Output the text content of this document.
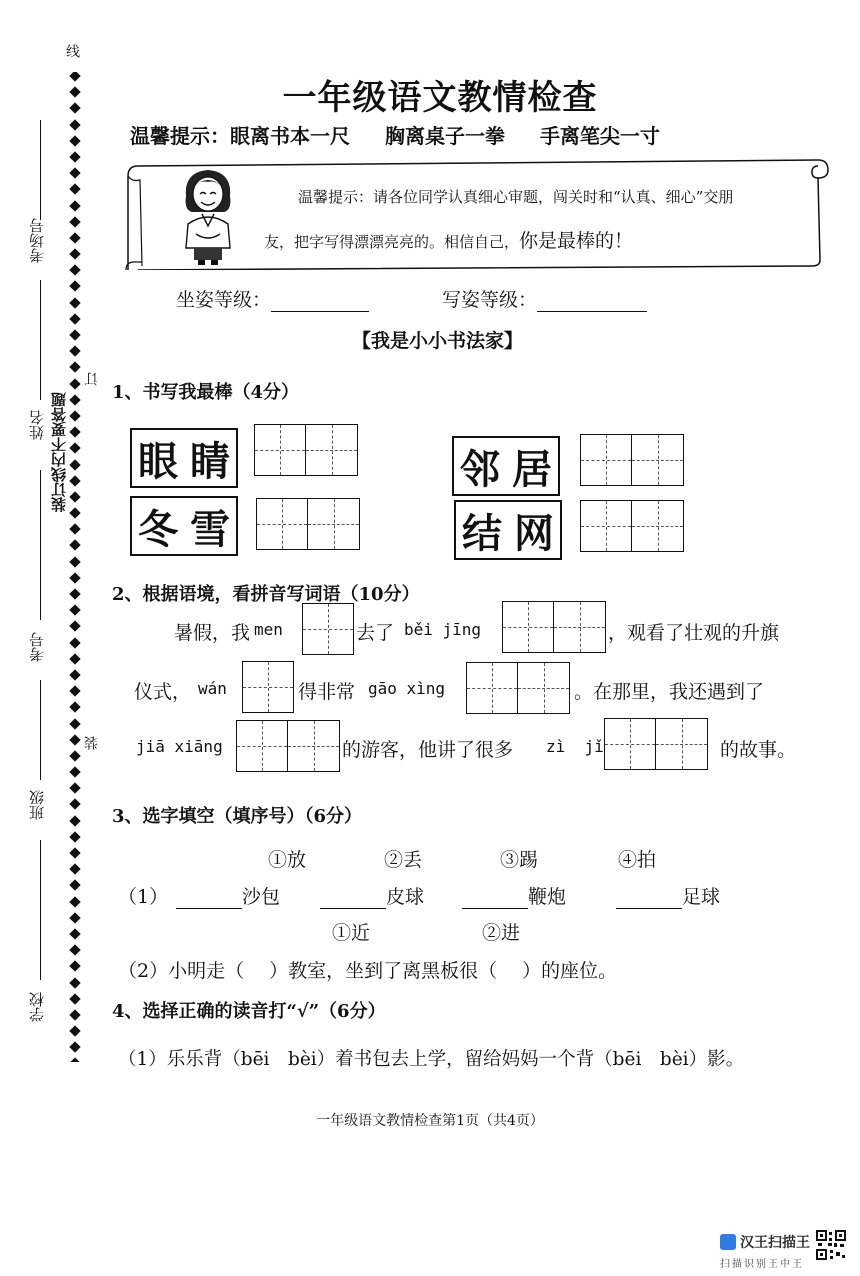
线
考场号
姓名 装订线内不要答题
订
考号
装
班级
学校
一年级语文教情检查
温馨提示：眼离书本一尺 胸离桌子一拳 手离笔尖一寸
温馨提示：请各位同学认真细心审题，闯关时和“认真、细心”交朋
友，把字写得漂漂亮亮的。相信自己，你是最棒的！
坐姿等级：	写姿等级：
【我是小小书法家】
1、书写我最棒（4分）
眼 睛	邻 居
冬 雪	结 网
2、根据语境，看拼音写词语（10分）
暑假，我 men	去了 běi jīng	，观看了壮观的升旗
仪式， wán	得非常 gāo xìng	。在那里，我还遇到了
jiā xiāng	的游客，他讲了很多 zì  jǐ	的故事。
3、选字填空（填序号）（6分）
①放	②丢	③踢	④拍
（1）	沙包	皮球	鞭炮	足球
①近	②进
（2）小明走（　 ）教室，坐到了离黑板很（　 ）的座位。
4、选择正确的读音打“√”（6分）
（1）乐乐背（bēi　bèi）着书包去上学，留给妈妈一个背（bēi　bèi）影。
一年级语文教情检查第1页（共4页）
汉王扫描王
扫描识别王中王
